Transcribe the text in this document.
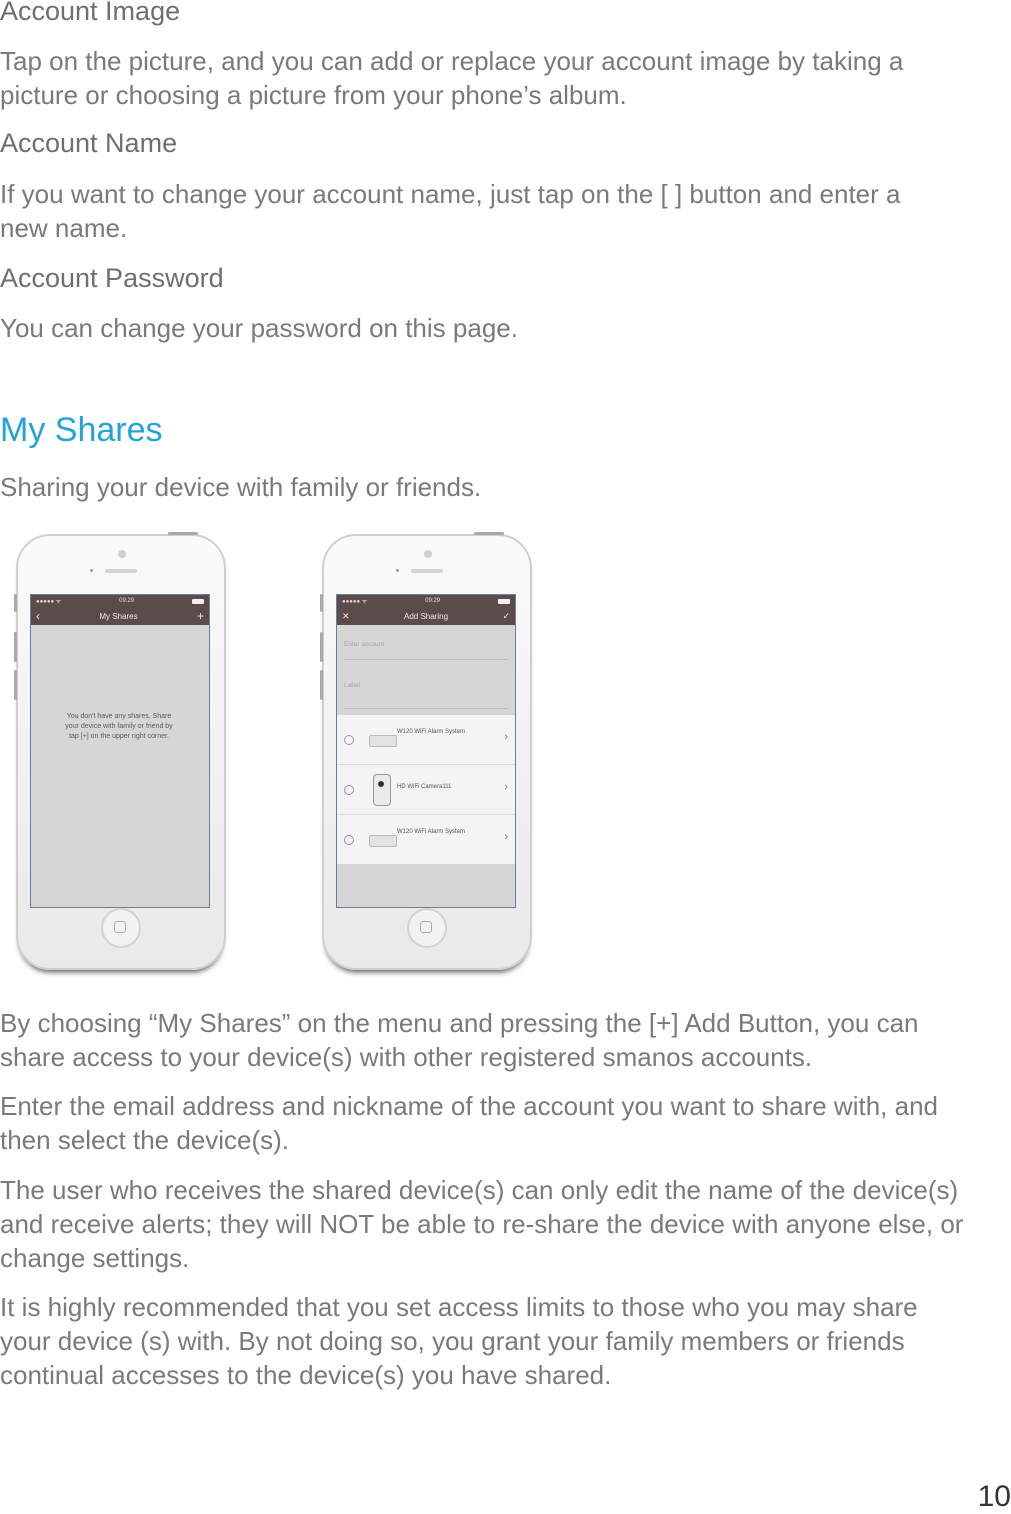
Account Image
Tap on the picture, and you can add or replace your account image by taking a
picture or choosing a picture from your phone’s album.
Account Name
If you want to change your account name, just tap on the [ ] button and enter a
new name.
Account Password
You can change your password on this page.
My Shares
Sharing your device with family or friends.
●●●●● ᯤ	09:29
‹	My Shares	+
You don't have any shares. Share
your device with family or friend by
tap [+] on the upper right corner.
●●●●● ᯤ	09:29
✕	Add Sharing	✓
Enter account
Label
W120 WiFi Alarm System	›
HD WiFi Camera111	›
W120 WiFi Alarm System	›
By choosing “My Shares” on the menu and pressing the [+] Add Button, you can
share access to your device(s) with other registered smanos accounts.
Enter the email address and nickname of the account you want to share with, and
then select the device(s).
The user who receives the shared device(s) can only edit the name of the device(s)
and receive alerts; they will NOT be able to re-share the device with anyone else, or
change settings.
It is highly recommended that you set access limits to those who you may share
your device (s) with. By not doing so, you grant your family members or friends
continual accesses to the device(s) you have shared.
10
